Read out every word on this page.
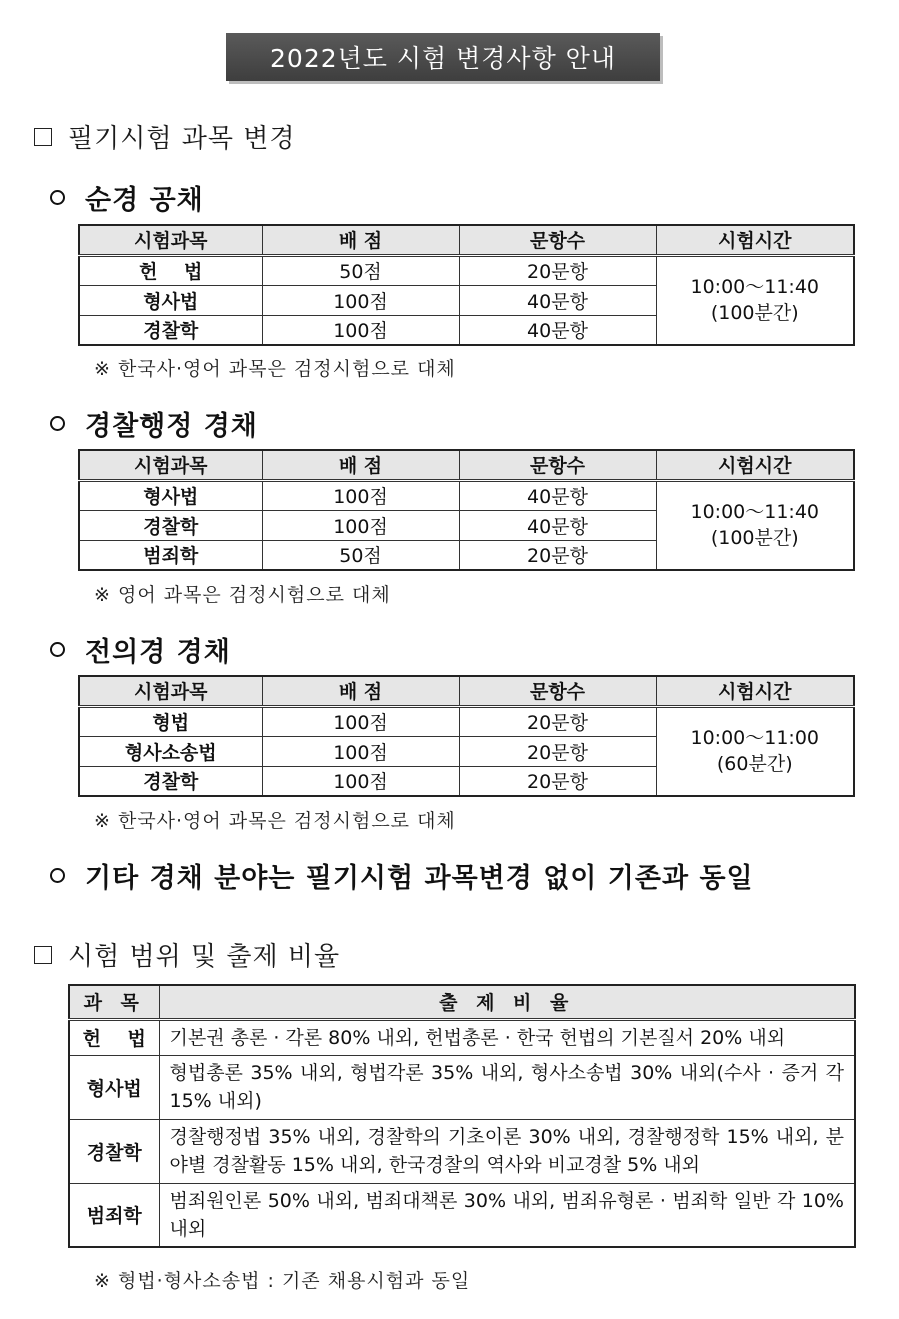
2022년도 시험 변경사항 안내
필기시험 과목 변경
순경 공채
시험과목	배 점	문항수	시험시간
헌    법	50점	20문항	10:00～11:40
(100분간)

형사법	100점	40문항	
경찰학	100점	40문항	
※ 한국사·영어 과목은 검정시험으로 대체
경찰행정 경채
시험과목	배 점	문항수	시험시간
형사법	100점	40문항	10:00～11:40
(100분간)

경찰학	100점	40문항	
범죄학	50점	20문항	
※ 영어 과목은 검정시험으로 대체
전의경 경채
시험과목	배 점	문항수	시험시간
형법	100점	20문항	10:00～11:00
(60분간)

형사소송법	100점	20문항	
경찰학	100점	20문항	
※ 한국사·영어 과목은 검정시험으로 대체
기타 경채 분야는 필기시험 과목변경 없이 기존과 동일
시험 범위 및 출제 비율
과 목	출 제 비 율
헌    법	기본권 총론 · 각론 80% 내외, 헌법총론 · 한국 헌법의 기본질서 20% 내외
형사법	형법총론 35% 내외, 형법각론 35% 내외, 형사소송법 30% 내외(수사 · 증거 각 15% 내외)
경찰학	경찰행정법 35% 내외, 경찰학의 기초이론 30% 내외, 경찰행정학 15% 내외, 분야별 경찰활동 15% 내외, 한국경찰의 역사와 비교경찰 5% 내외
범죄학	범죄원인론 50% 내외, 범죄대책론 30% 내외, 범죄유형론 · 범죄학 일반 각 10% 내외
※ 형법·형사소송법 : 기존 채용시험과 동일
